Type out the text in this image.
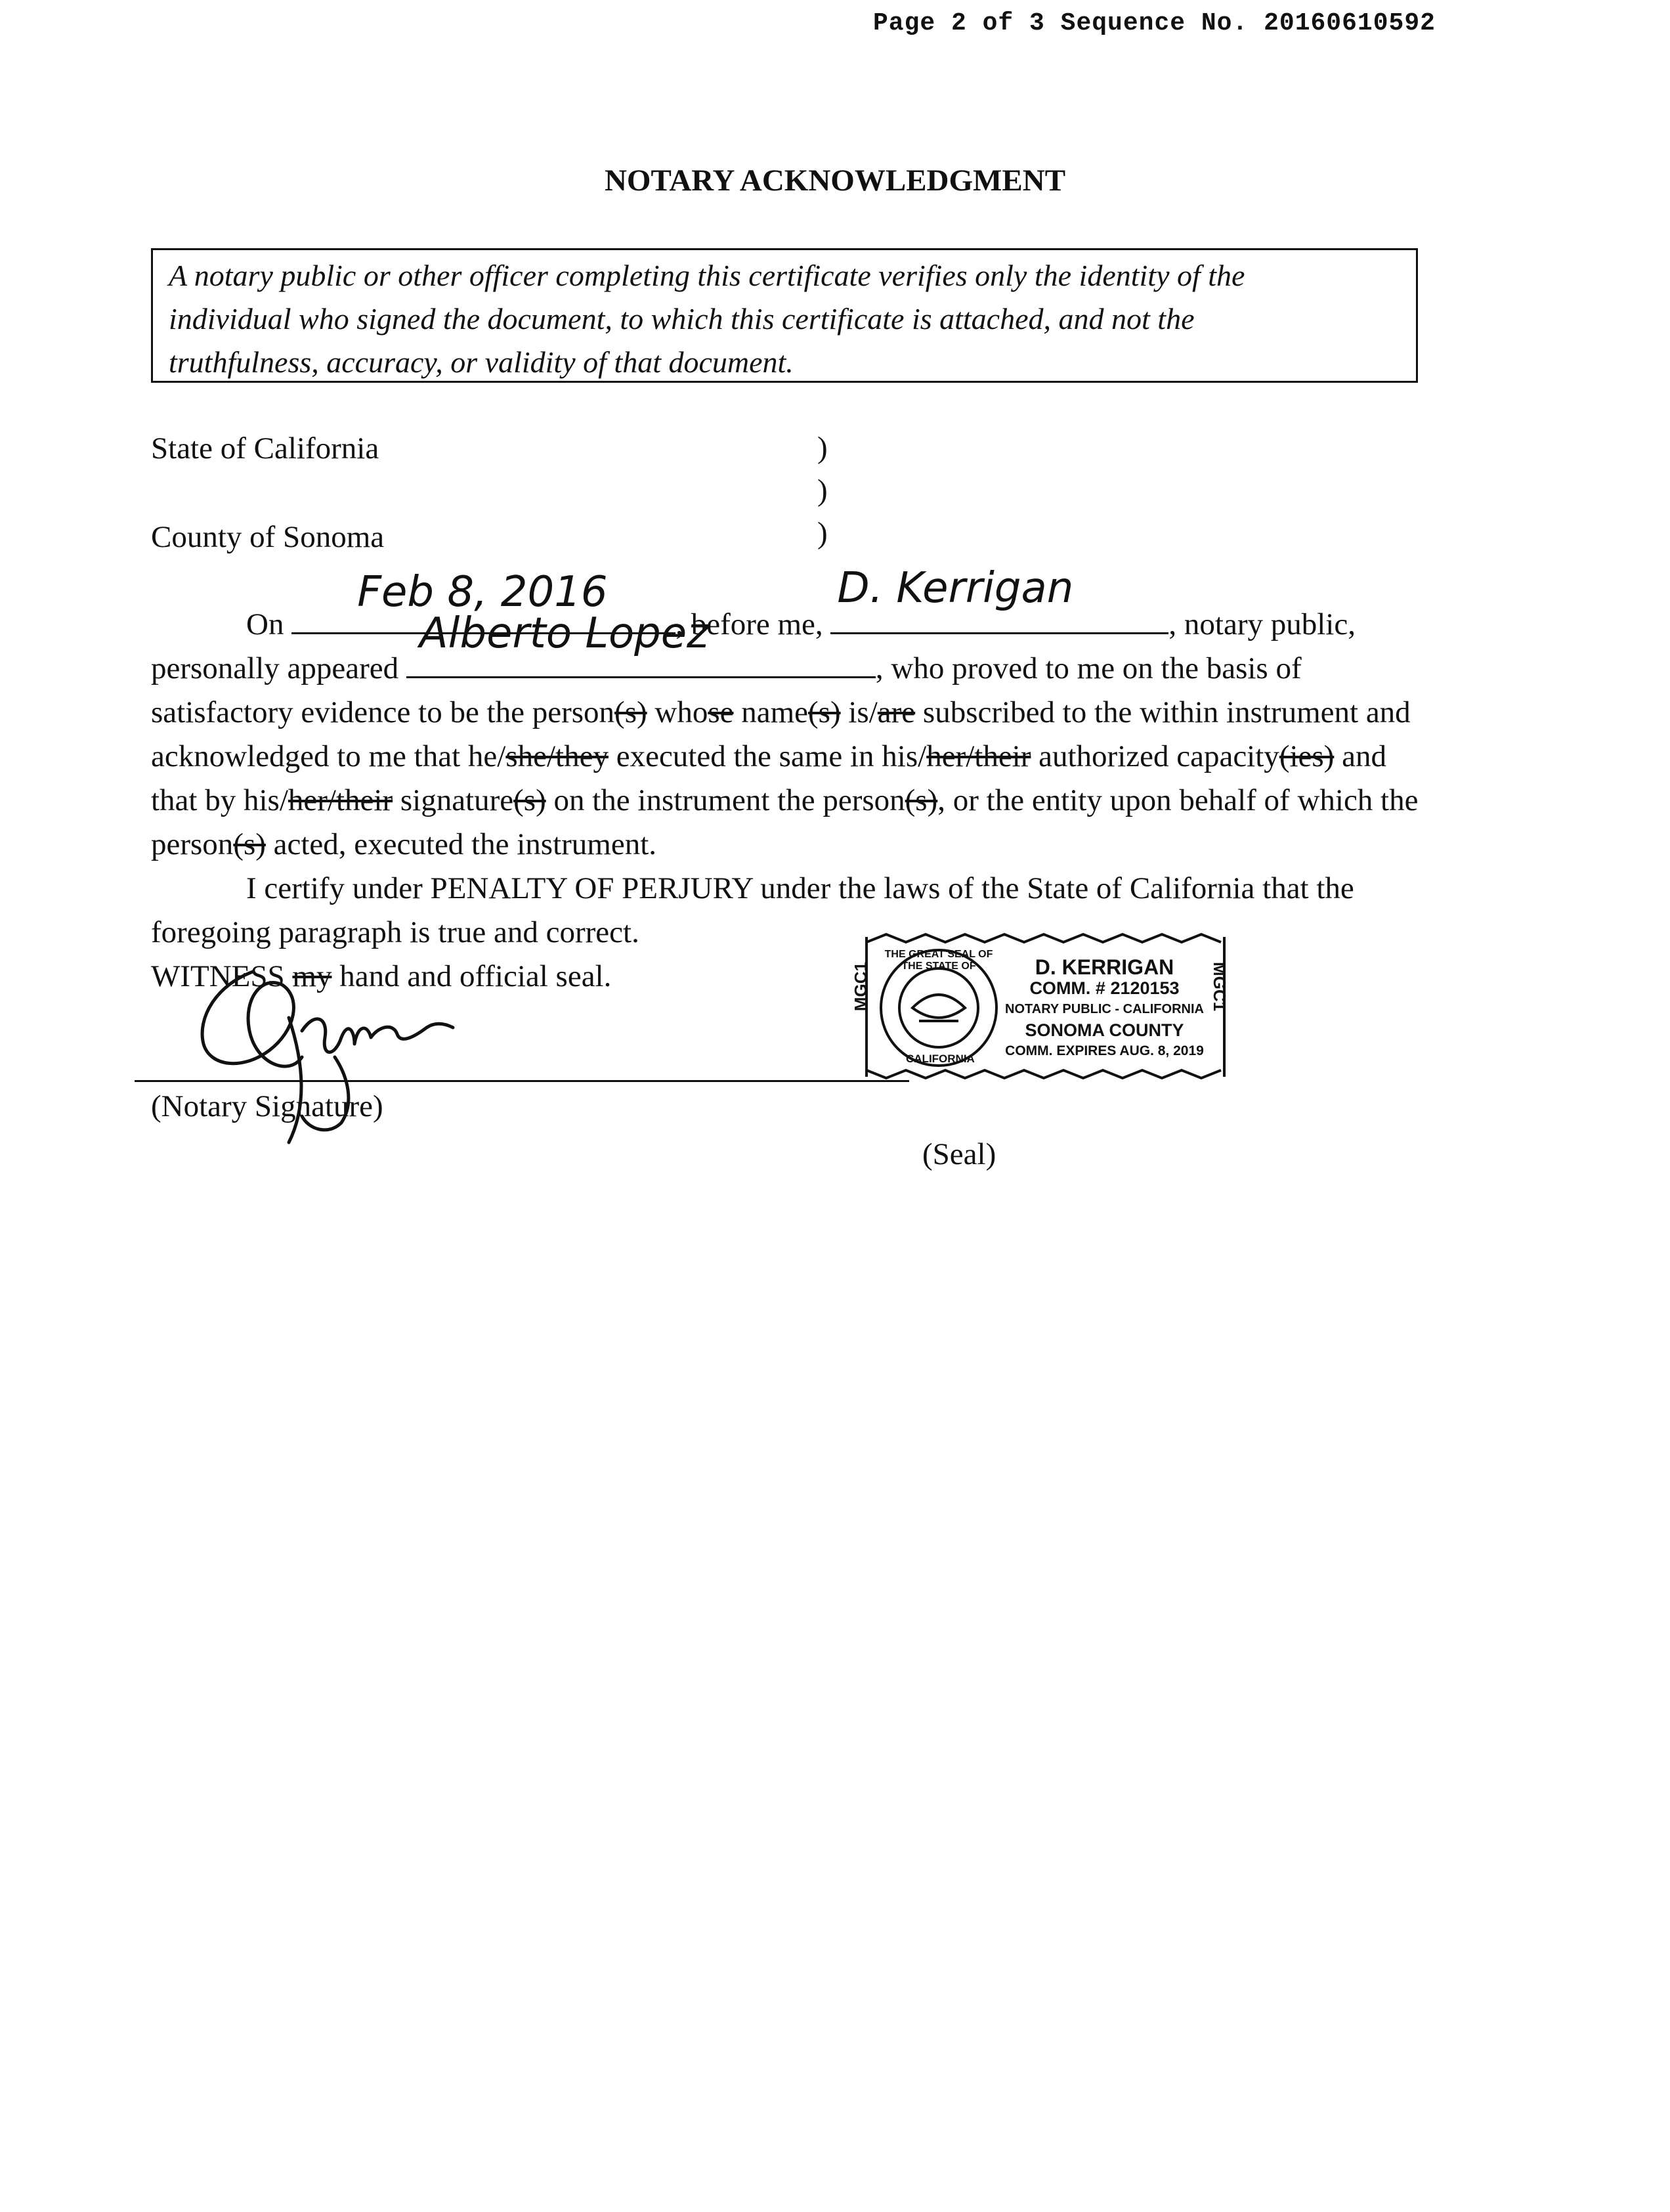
Page 2 of 3 Sequence No. 20160610592
NOTARY ACKNOWLEDGMENT
A notary public or other officer completing this certificate verifies only the identity of the
individual who signed the document, to which this certificate is attached, and not the
truthfulness, accuracy, or validity of that document.
State of California
County of Sonoma
)
)
)
On
Feb 8, 2016
, before me,
D. Kerrigan
, notary public,
personally appeared
Alberto Lopez
, who proved to me on the basis of
satisfactory evidence to be the person(s) whose name(s) is/are subscribed to the within instrument and
acknowledged to me that he/she/they executed the same in his/her/their authorized capacity(ies) and
that by his/her/their signature(s) on the instrument the person(s), or the entity upon behalf of which the
person(s) acted, executed the instrument.
I certify under PENALTY OF PERJURY under the laws of the State of California that the
foregoing paragraph is true and correct.
WITNESS my hand and official seal.
(Notary Signature)
THE GREAT SEAL OF THE STATE OF
CALIFORNIA
MGC1	MGC1
D. KERRIGAN
COMM. # 2120153
NOTARY PUBLIC - CALIFORNIA
SONOMA COUNTY
COMM. EXPIRES AUG. 8, 2019
(Seal)
